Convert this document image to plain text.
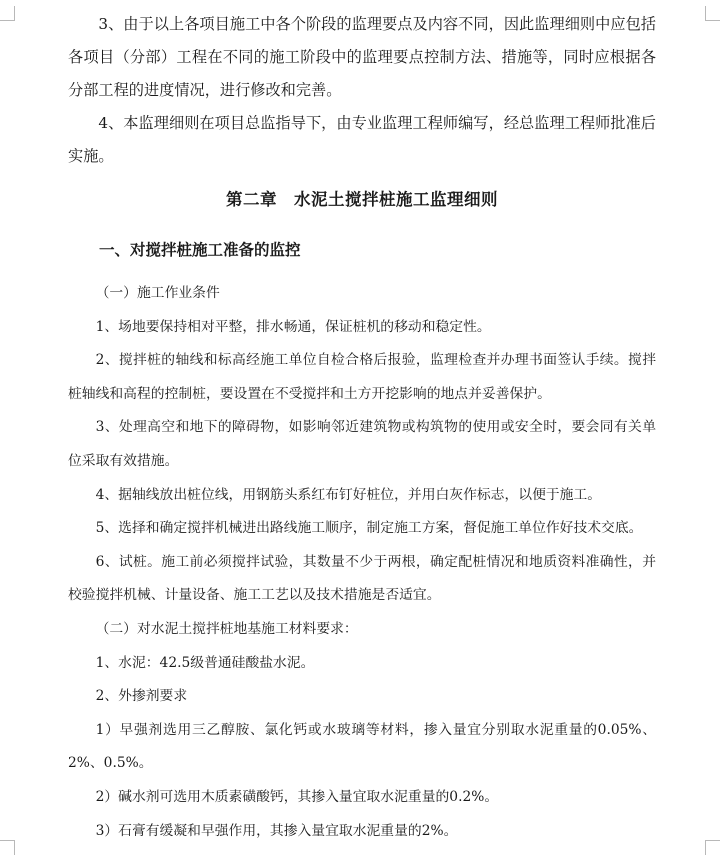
3、由于以上各项目施工中各个阶段的监理要点及内容不同，因此监理细则中应包括各项目（分部）工程在不同的施工阶段中的监理要点控制方法、措施等，同时应根据各分部工程的进度情况，进行修改和完善。

4、本监理细则在项目总监指导下，由专业监理工程师编写，经总监理工程师批准后实施。

第二章　水泥土搅拌桩施工监理细则
一、对搅拌桩施工准备的监控

（一）施工作业条件

1、场地要保持相对平整，排水畅通，保证桩机的移动和稳定性。

2、搅拌桩的轴线和标高经施工单位自检合格后报验，监理检查并办理书面签认手续。搅拌桩轴线和高程的控制桩，要设置在不受搅拌和土方开挖影响的地点并妥善保护。

3、处理高空和地下的障碍物，如影响邻近建筑物或构筑物的使用或安全时，要会同有关单位采取有效措施。

4、据轴线放出桩位线，用钢筋头系红布钉好桩位，并用白灰作标志，以便于施工。

5、选择和确定搅拌机械进出路线施工顺序，制定施工方案，督促施工单位作好技术交底。

6、试桩。施工前必须搅拌试验，其数量不少于两根，确定配桩情况和地质资料准确性，并校验搅拌机械、计量设备、施工工艺以及技术措施是否适宜。

（二）对水泥土搅拌桩地基施工材料要求：

1、水泥：42.5级普通硅酸盐水泥。

2、外掺剂要求

1）早强剂选用三乙醇胺、氯化钙或水玻璃等材料，掺入量宜分别取水泥重量的0.05%、2%、0.5%。

2）碱水剂可选用木质素磺酸钙，其掺入量宜取水泥重量的0.2%。

3）石膏有缓凝和早强作用，其掺入量宜取水泥重量的2%。
